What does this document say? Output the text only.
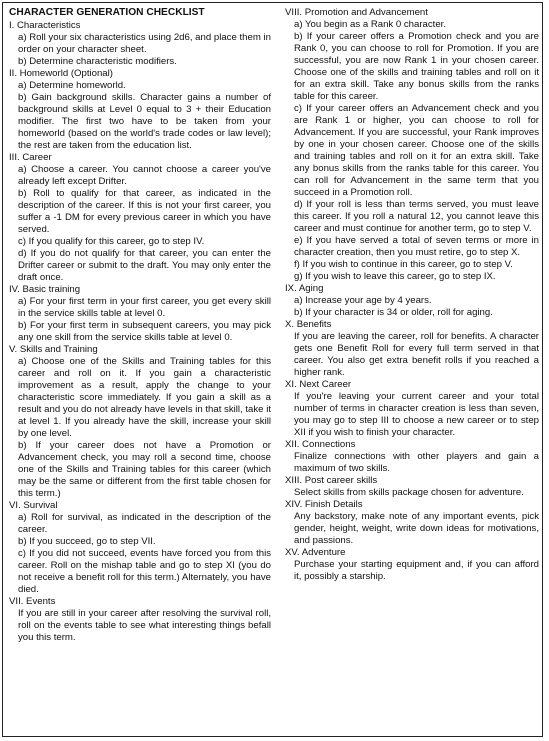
CHARACTER GENERATION CHECKLIST
I. Characteristics
a) Roll your six characteristics using 2d6, and place them in order on your character sheet.
b) Determine characteristic modifiers.
II. Homeworld (Optional)
a) Determine homeworld.
b) Gain background skills. Character gains a number of background skills at Level 0 equal to 3 + their Education modifier. The first two have to be taken from your homeworld (based on the world's trade codes or law level); the rest are taken from the education list.
III. Career
a) Choose a career. You cannot choose a career you've already left except Drifter.
b) Roll to qualify for that career, as indicated in the description of the career. If this is not your first career, you suffer a -1 DM for every previous career in which you have served.
c) If you qualify for this career, go to step IV.
d) If you do not qualify for that career, you can enter the Drifter career or submit to the draft. You may only enter the draft once.
IV. Basic training
a) For your first term in your first career, you get every skill in the service skills table at level 0.
b) For your first term in subsequent careers, you may pick any one skill from the service skills table at level 0.
V. Skills and Training
a) Choose one of the Skills and Training tables for this career and roll on it. If you gain a characteristic improvement as a result, apply the change to your characteristic score immediately. If you gain a skill as a result and you do not already have levels in that skill, take it at level 1. If you already have the skill, increase your skill by one level.
b) If your career does not have a Promotion or Advancement check, you may roll a second time, choose one of the Skills and Training tables for this career (which may be the same or different from the first table chosen for this term.)
VI. Survival
a) Roll for survival, as indicated in the description of the career.
b) If you succeed, go to step VII.
c) If you did not succeed, events have forced you from this career. Roll on the mishap table and go to step XI (you do not receive a benefit roll for this term.) Alternately, you have died.
VII. Events
If you are still in your career after resolving the survival roll, roll on the events table to see what interesting things befall you this term.
VIII. Promotion and Advancement
a) You begin as a Rank 0 character.
b) If your career offers a Promotion check and you are Rank 0, you can choose to roll for Promotion. If you are successful, you are now Rank 1 in your chosen career. Choose one of the skills and training tables and roll on it for an extra skill. Take any bonus skills from the ranks table for this career.
c) If your career offers an Advancement check and you are Rank 1 or higher, you can choose to roll for Advancement. If you are successful, your Rank improves by one in your chosen career. Choose one of the skills and training tables and roll on it for an extra skill. Take any bonus skills from the ranks table for this career. You can roll for Advancement in the same term that you succeed in a Promotion roll.
d) If your roll is less than terms served, you must leave this career. If you roll a natural 12, you cannot leave this career and must continue for another term, go to step V.
e) If you have served a total of seven terms or more in character creation, then you must retire, go to step X.
f) If you wish to continue in this career, go to step V.
g) If you wish to leave this career, go to step IX.
IX. Aging
a) Increase your age by 4 years.
b) If your character is 34 or older, roll for aging.
X. Benefits
If you are leaving the career, roll for benefits. A character gets one Benefit Roll for every full term served in that career. You also get extra benefit rolls if you reached a higher rank.
XI. Next Career
If you're leaving your current career and your total number of terms in character creation is less than seven, you may go to step III to choose a new career or to step XII if you wish to finish your character.
XII. Connections
Finalize connections with other players and gain a maximum of two skills.
XIII. Post career skills
Select skills from skills package chosen for adventure.
XIV. Finish Details
Any backstory, make note of any important events, pick gender, height, weight, write down ideas for motivations, and passions.
XV. Adventure
Purchase your starting equipment and, if you can afford it, possibly a starship.
